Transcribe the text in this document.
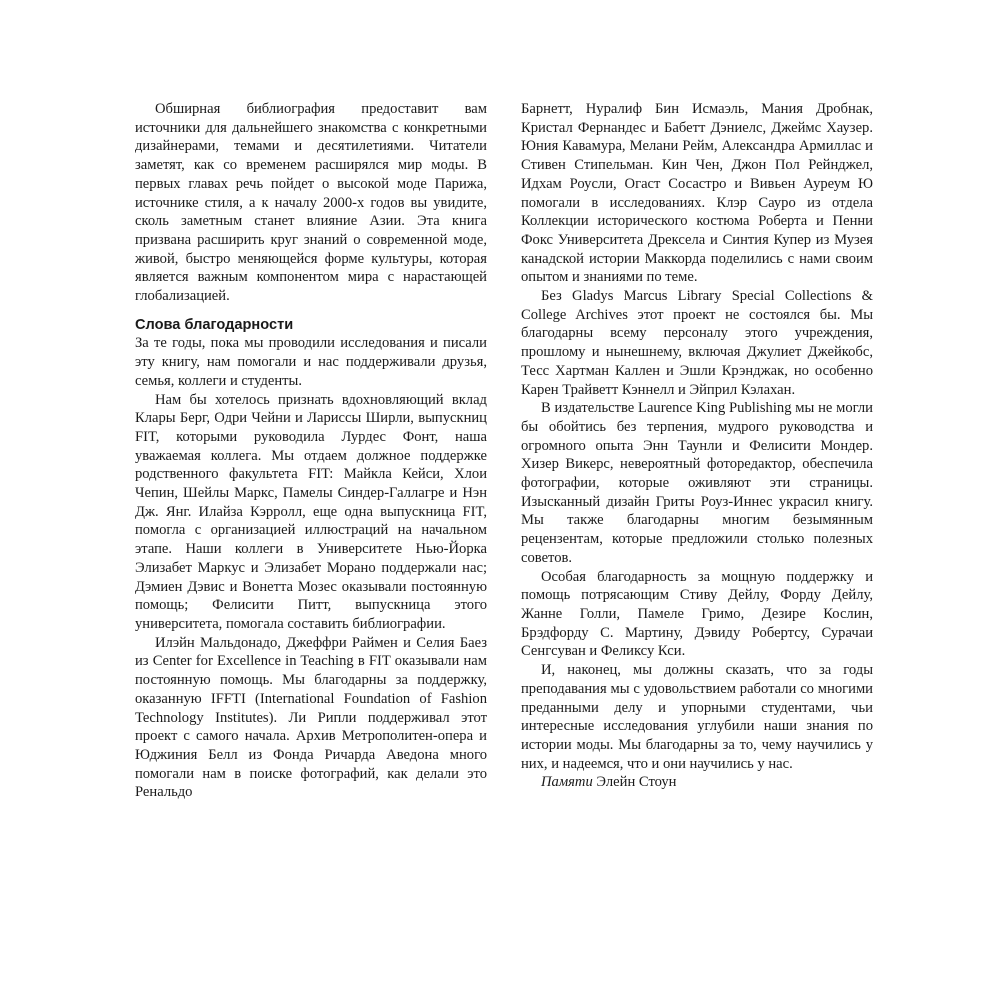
Обширная библиография предоставит вам источники для дальнейшего знакомства с конкретными дизайнерами, темами и десятилетиями. Читатели заметят, как со временем расширялся мир моды. В первых главах речь пойдет о высокой моде Парижа, источнике стиля, а к началу 2000-х годов вы увидите, сколь заметным станет влияние Азии. Эта книга призвана расширить круг знаний о современной моде, живой, быстро меняющейся форме культуры, которая является важным компонентом мира с нарастающей глобализацией.

Слова благодарности

За те годы, пока мы проводили исследования и писали эту книгу, нам помогали и нас поддерживали друзья, семья, коллеги и студенты.

Нам бы хотелось признать вдохновляющий вклад Клары Берг, Одри Чейни и Лариссы Ширли, выпускниц FIT, которыми руководила Лурдес Фонт, наша уважаемая коллега. Мы отдаем должное поддержке родственного факультета FIT: Майкла Кейси, Хлои Чепин, Шейлы Маркс, Памелы Синдер-Галлагре и Нэн Дж. Янг. Илайза Кэрролл, еще одна выпускница FIT, помогла с организацией иллюстраций на начальном этапе. Наши коллеги в Университете Нью-Йорка Элизабет Маркус и Элизабет Морано поддержали нас; Дэмиен Дэвис и Вонетта Мозес оказывали постоянную помощь; Фелисити Питт, выпускница этого университета, помогала составить библиографии.

Илэйн Мальдонадо, Джеффри Раймен и Селия Баез из Center for Excellence in Teaching в FIT оказывали нам постоянную помощь. Мы благодарны за поддержку, оказанную IFFTI (International Foundation of Fashion Technology Institutes). Ли Рипли поддерживал этот проект с самого начала. Архив Метрополитен-опера и Юджиния Белл из Фонда Ричарда Аведона много помогали нам в поиске фотографий, как делали это Ренальдо

Барнетт, Нуралиф Бин Исмаэль, Мания Дробнак, Кристал Фернандес и Бабетт Дэниелс, Джеймс Хаузер. Юния Кавамура, Мелани Рейм, Александра Армиллас и Стивен Стипельман. Кин Чен, Джон Пол Рейнджел, Идхам Роусли, Огаст Сосастро и Вивьен Ауреум Ю помогали в исследованиях. Клэр Сауро из отдела Коллекции исторического костюма Роберта и Пенни Фокс Университета Дрексела и Синтия Купер из Музея канадской истории Маккорда поделились с нами своим опытом и знаниями по теме.

Без Gladys Marcus Library Special Collections & College Archives этот проект не состоялся бы. Мы благодарны всему персоналу этого учреждения, прошлому и нынешнему, включая Джулиет Джейкобс, Тесс Хартман Каллен и Эшли Крэнджак, но особенно Карен Трайветт Кэннелл и Эйприл Кэлахан.

В издательстве Laurence King Publishing мы не могли бы обойтись без терпения, мудрого руководства и огромного опыта Энн Таунли и Фелисити Мондер. Хизер Викерс, невероятный фоторедактор, обеспечила фотографии, которые оживляют эти страницы. Изысканный дизайн Гриты Роуз-Иннес украсил книгу. Мы также благодарны многим безымянным рецензентам, которые предложили столько полезных советов.

Особая благодарность за мощную поддержку и помощь потрясающим Стиву Дейлу, Форду Дейлу, Жанне Голли, Памеле Гримо, Дезире Кослин, Брэдфорду С. Мартину, Дэвиду Робертсу, Сурачаи Сенгсуван и Феликсу Кси.

И, наконец, мы должны сказать, что за годы преподавания мы с удовольствием работали со многими преданными делу и упорными студентами, чьи интересные исследования углубили наши знания по истории моды. Мы благодарны за то, чему научились у них, и надеемся, что и они научились у нас.

Памяти Элейн Стоун
